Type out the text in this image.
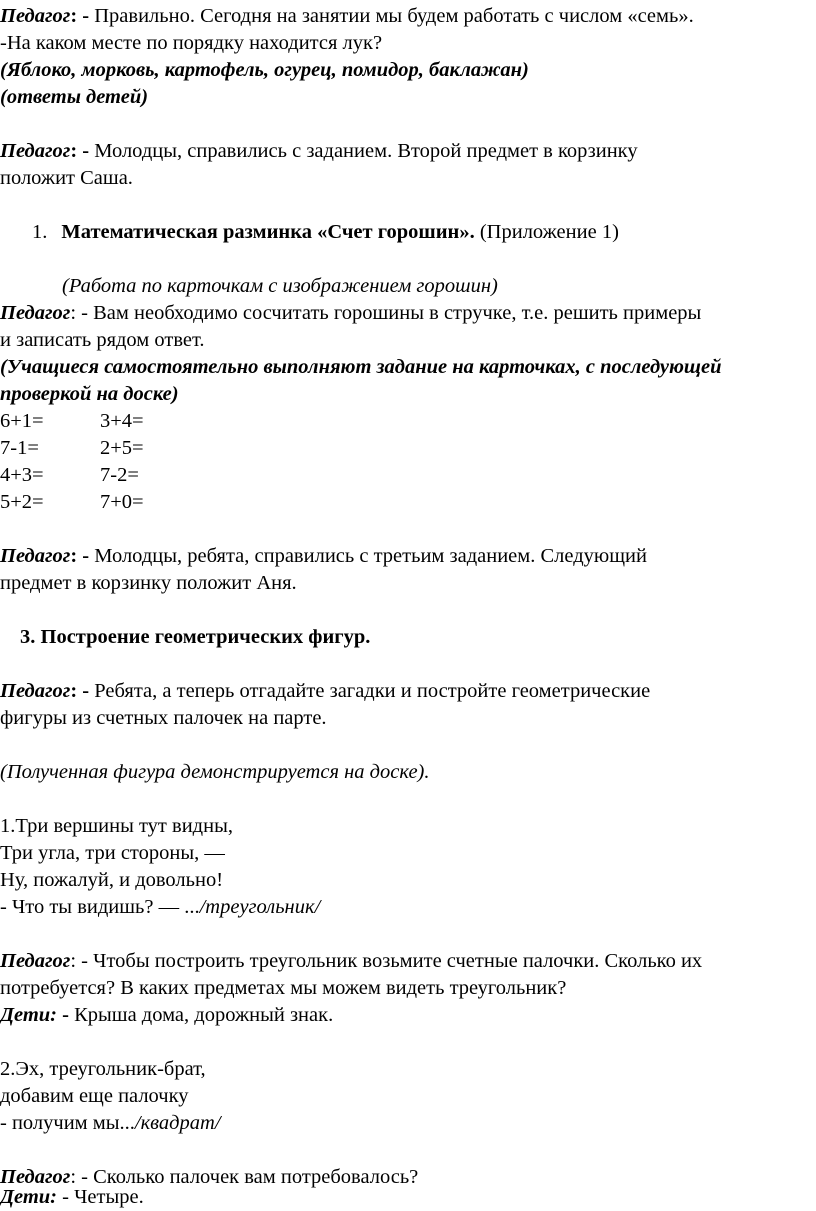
Педагог: - Правильно. Сегодня на занятии мы будем работать с числом «семь».
-На каком месте по порядку находится лук?
(Яблоко, морковь, картофель, огурец, помидор, баклажан)
(ответы детей)
Педагог: - Молодцы, справились с заданием. Второй предмет в корзинку
положит Саша.
1. Математическая разминка «Счет горошин». (Приложение 1)
(Работа по карточкам с изображением горошин)
Педагог: - Вам необходимо сосчитать горошины в стручке, т.е. решить примеры
и записать рядом ответ.
(Учащиеся самостоятельно выполняют задание на карточках, с последующей
проверкой на доске)
6+1=	3+4=
7-1=	2+5=
4+3=	7-2=
5+2=	7+0=
Педагог: - Молодцы, ребята, справились с третьим заданием. Следующий
предмет в корзинку положит Аня.
3. Построение геометрических фигур.
Педагог: - Ребята, а теперь отгадайте загадки и постройте геометрические
фигуры из счетных палочек на парте.
(Полученная фигура демонстрируется на доске).
1.Три вершины тут видны,
Три угла, три стороны, —
Ну, пожалуй, и довольно!
- Что ты видишь? — .../треугольник/
Педагог: - Чтобы построить треугольник возьмите счетные палочки. Сколько их
потребуется? В каких предметах мы можем видеть треугольник?
Дети: - Крыша дома, дорожный знак.
2.Эх, треугольник-брат,
добавим еще палочку
- получим мы.../квадрат/
Педагог: - Сколько палочек вам потребовалось?
Дети: - Четыре.
